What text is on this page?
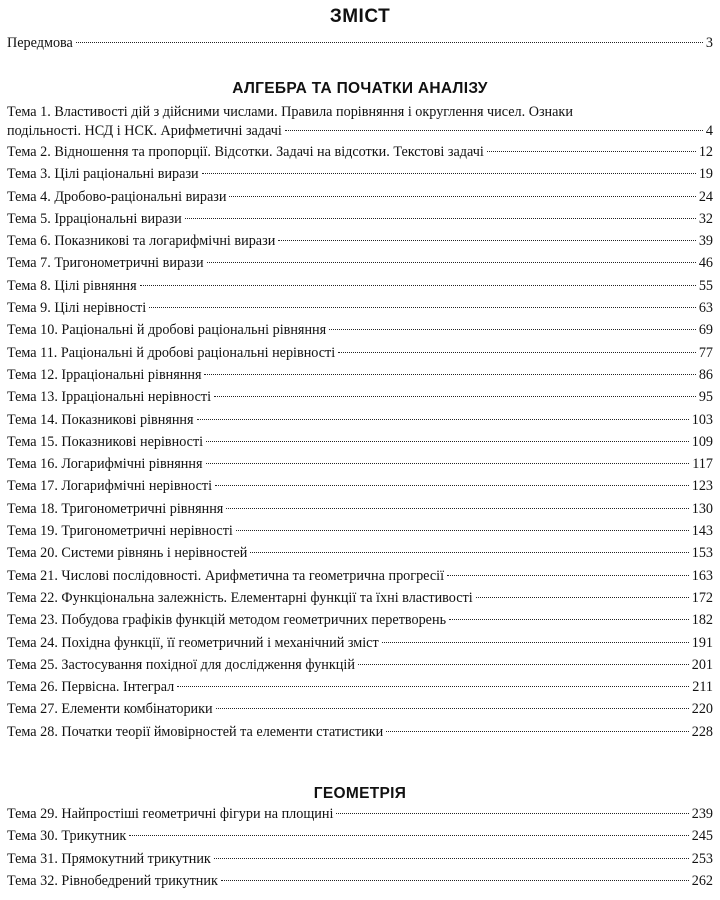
ЗМІСТ
Передмова	3
АЛГЕБРА ТА ПОЧАТКИ АНАЛІЗУ
Тема 1. Властивості дій з дійсними числами. Правила порівняння і округлення чисел. Ознаки
подільності. НСД і НСК. Арифметичні задачі	4
Тема 2. Відношення та пропорції. Відсотки. Задачі на відсотки. Текстові задачі	12
Тема 3. Цілі раціональні вирази	19
Тема 4. Дробово-раціональні вирази	24
Тема 5. Ірраціональні вирази	32
Тема 6. Показникові та логарифмічні вирази	39
Тема 7. Тригонометричні вирази	46
Тема 8. Цілі рівняння	55
Тема 9. Цілі нерівності	63
Тема 10. Раціональні й дробові раціональні рівняння	69
Тема 11. Раціональні й дробові раціональні нерівності	77
Тема 12. Ірраціональні рівняння	86
Тема 13. Ірраціональні нерівності	95
Тема 14. Показникові рівняння	103
Тема 15. Показникові нерівності	109
Тема 16. Логарифмічні рівняння	117
Тема 17. Логарифмічні нерівності	123
Тема 18. Тригонометричні рівняння	130
Тема 19. Тригонометричні нерівності	143
Тема 20. Системи рівнянь і нерівностей	153
Тема 21. Числові послідовності. Арифметична та геометрична прогресії	163
Тема 22. Функціональна залежність. Елементарні функції та їхні властивості	172
Тема 23. Побудова графіків функцій методом геометричних перетворень	182
Тема 24. Похідна функції, її геометричний і механічний зміст	191
Тема 25. Застосування похідної для дослідження функцій	201
Тема 26. Первісна. Інтеграл	211
Тема 27. Елементи комбінаторики	220
Тема 28. Початки теорії ймовірностей та елементи статистики	228
ГЕОМЕТРІЯ
Тема 29. Найпростіші геометричні фігури на площині	239
Тема 30. Трикутник	245
Тема 31. Прямокутний трикутник	253
Тема 32. Рівнобедрений трикутник	262
